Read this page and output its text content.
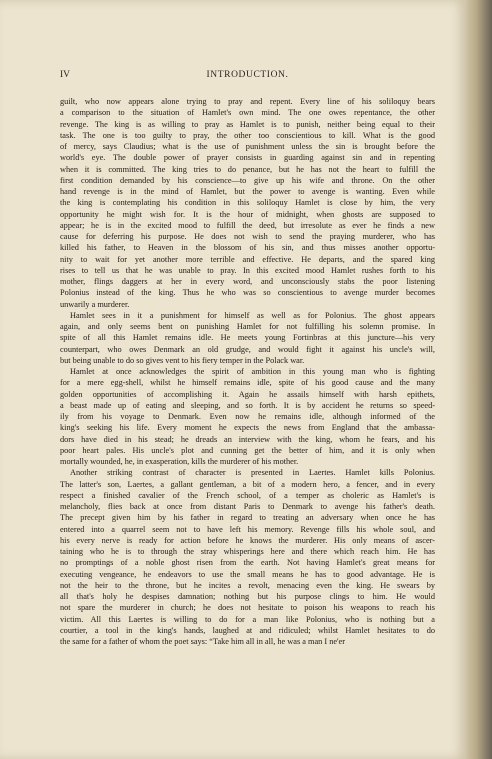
IV	INTRODUCTION.

guilt, who now appears alone trying to pray and repent. Every line of his soliloquy bears
a comparison to the situation of Hamlet's own mind. The one owes repentance, the other
revenge. The king is as willing to pray as Hamlet is to punish, neither being equal to their
task. The one is too guilty to pray, the other too conscientious to kill. What is the good
of mercy, says Claudius; what is the use of punishment unless the sin is brought before the
world's eye. The double power of prayer consists in guarding against sin and in repenting
when it is committed. The king tries to do penance, but he has not the heart to fulfill the
first condition demanded by his conscience—to give up his wife and throne. On the other
hand revenge is in the mind of Hamlet, but the power to avenge is wanting. Even while
the king is contemplating his condition in this soliloquy Hamlet is close by him, the very
opportunity he might wish for. It is the hour of midnight, when ghosts are supposed to
appear; he is in the excited mood to fulfill the deed, but irresolute as ever he finds a new
cause for deferring his purpose. He does not wish to send the praying murderer, who has
killed his father, to Heaven in the blossom of his sin, and thus misses another opportu-
nity to wait for yet another more terrible and effective. He departs, and the spared king
rises to tell us that he was unable to pray. In this excited mood Hamlet rushes forth to his
mother, flings daggers at her in every word, and unconsciously stabs the poor listening
Polonius instead of the king. Thus he who was so conscientious to avenge murder becomes
unwarily a murderer.

Hamlet sees in it a punishment for himself as well as for Polonius. The ghost appears
again, and only seems bent on punishing Hamlet for not fulfilling his solemn promise. In
spite of all this Hamlet remains idle. He meets young Fortinbras at this juncture—his very
counterpart, who owes Denmark an old grudge, and would fight it against his uncle's will,
but being unable to do so gives vent to his fiery temper in the Polack war.

Hamlet at once acknowledges the spirit of ambition in this young man who is fighting
for a mere egg-shell, whilst he himself remains idle, spite of his good cause and the many
golden opportunities of accomplishing it. Again he assails himself with harsh epithets,
a beast made up of eating and sleeping, and so forth. It is by accident he returns so speed-
ily from his voyage to Denmark. Even now he remains idle, although informed of the
king's seeking his life. Every moment he expects the news from England that the ambassa-
dors have died in his stead; he dreads an interview with the king, whom he fears, and his
poor heart pales. His uncle's plot and cunning get the better of him, and it is only when
mortally wounded, he, in exasperation, kills the murderer of his mother.

Another striking contrast of character is presented in Laertes. Hamlet kills Polonius.
The latter's son, Laertes, a gallant gentleman, a bit of a modern hero, a fencer, and in every
respect a finished cavalier of the French school, of a temper as choleric as Hamlet's is
melancholy, flies back at once from distant Paris to Denmark to avenge his father's death.
The precept given him by his father in regard to treating an adversary when once he has
entered into a quarrel seem not to have left his memory. Revenge fills his whole soul, and
his every nerve is ready for action before he knows the murderer. His only means of ascer-
taining who he is to through the stray whisperings here and there which reach him. He has
no promptings of a noble ghost risen from the earth. Not having Hamlet's great means for
executing vengeance, he endeavors to use the small means he has to good advantage. He is
not the heir to the throne, but he incites a revolt, menacing even the king. He swears by
all that's holy he despises damnation; nothing but his purpose clings to him. He would
not spare the murderer in church; he does not hesitate to poison his weapons to reach his
victim. All this Laertes is willing to do for a man like Polonius, who is nothing but a
courtier, a tool in the king's hands, laughed at and ridiculed; whilst Hamlet hesitates to do
the same for a father of whom the poet says: “Take him all in all, he was a man I ne'er
